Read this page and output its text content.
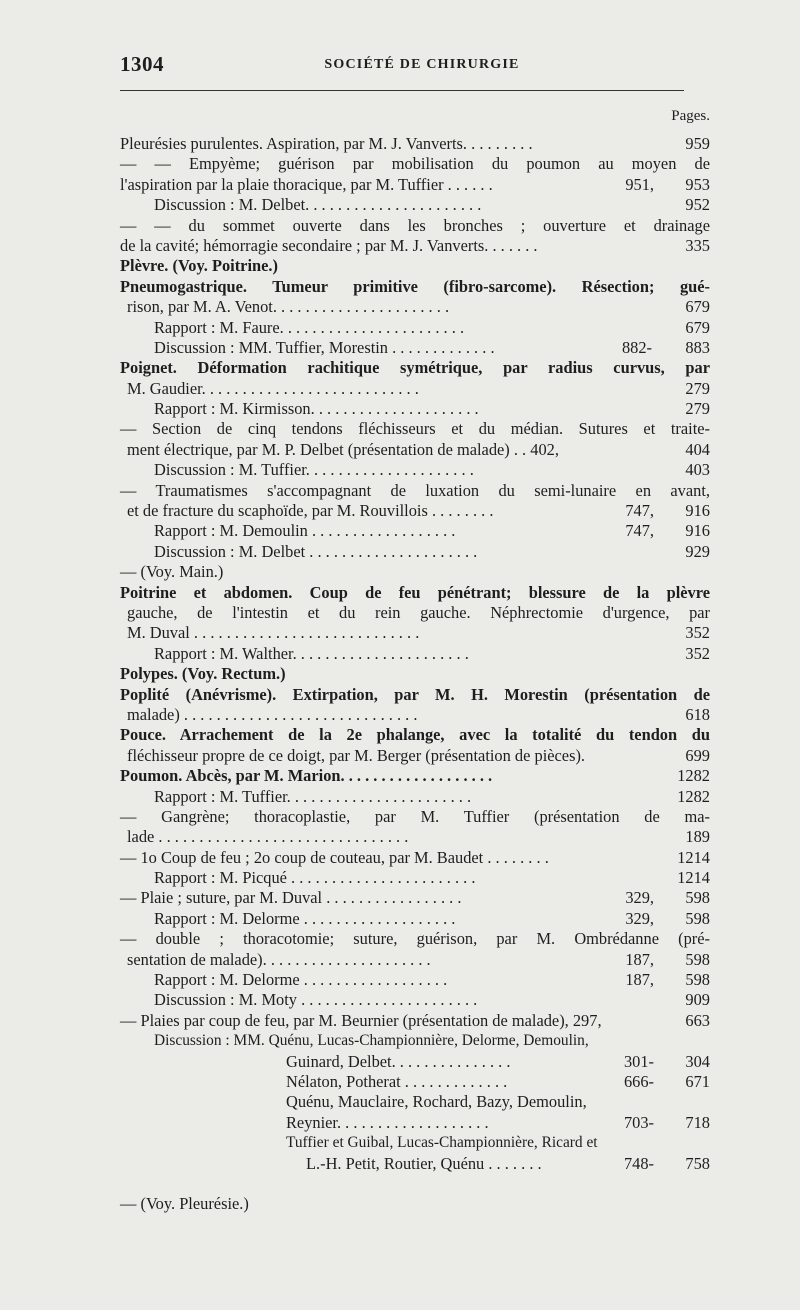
1304	SOCIÉTÉ DE CHIRURGIE
Pages.
Pleurésies purulentes. Aspiration, par M. J. Vanverts. . . . . . . . .	959
— — Empyème; guérison par mobilisation du poumon au moyen de
l'aspiration par la plaie thoracique, par M. Tuffier . . . . . .	951, 953
Discussion : M. Delbet. . . . . . . . . . . . . . . . . . . . . .	952
— — du sommet ouverte dans les bronches ; ouverture et drainage
de la cavité; hémorragie secondaire ; par M. J. Vanverts. . . . . . .	335
Plèvre. (Voy. Poitrine.)
Pneumogastrique. Tumeur primitive (fibro-sarcome). Résection; gué-
rison, par M. A. Venot. . . . . . . . . . . . . . . . . . . . . .	679
Rapport : M. Faure. . . . . . . . . . . . . . . . . . . . . . .	679
Discussion : MM. Tuffier, Morestin . . . . . . . . . . . . .	882- 883
Poignet. Déformation rachitique symétrique, par radius curvus, par
M. Gaudier. . . . . . . . . . . . . . . . . . . . . . . . . . .	279
Rapport : M. Kirmisson. . . . . . . . . . . . . . . . . . . . .	279
— Section de cinq tendons fléchisseurs et du médian. Sutures et traite-
ment électrique, par M. P. Delbet (présentation de malade) . . 402,	404
Discussion : M. Tuffier. . . . . . . . . . . . . . . . . . . . .	403
— Traumatismes s'accompagnant de luxation du semi-lunaire en avant,
et de fracture du scaphoïde, par M. Rouvillois . . . . . . . .	747, 916
Rapport : M. Demoulin . . . . . . . . . . . . . . . . . .	747, 916
Discussion : M. Delbet . . . . . . . . . . . . . . . . . . . . .	929
— (Voy. Main.)
Poitrine et abdomen. Coup de feu pénétrant; blessure de la plèvre
gauche, de l'intestin et du rein gauche. Néphrectomie d'urgence, par
M. Duval . . . . . . . . . . . . . . . . . . . . . . . . . . . .	352
Rapport : M. Walther. . . . . . . . . . . . . . . . . . . . . .	352
Polypes. (Voy. Rectum.)
Poplité (Anévrisme). Extirpation, par M. H. Morestin (présentation de
malade) . . . . . . . . . . . . . . . . . . . . . . . . . . . . .	618
Pouce. Arrachement de la 2e phalange, avec la totalité du tendon du
fléchisseur propre de ce doigt, par M. Berger (présentation de pièces).	699
Poumon. Abcès, par M. Marion. . . . . . . . . . . . . . . . . . .	1282
Rapport : M. Tuffier. . . . . . . . . . . . . . . . . . . . . . .	1282
— Gangrène; thoracoplastie, par M. Tuffier (présentation de ma-
lade . . . . . . . . . . . . . . . . . . . . . . . . . . . . . . .	189
— 1o Coup de feu ; 2o coup de couteau, par M. Baudet . . . . . . . .	1214
Rapport : M. Picqué . . . . . . . . . . . . . . . . . . . . . . .	1214
— Plaie ; suture, par M. Duval . . . . . . . . . . . . . . . . .	329, 598
Rapport : M. Delorme . . . . . . . . . . . . . . . . . . .	329, 598
— double ; thoracotomie; suture, guérison, par M. Ombrédanne (pré-
sentation de malade). . . . . . . . . . . . . . . . . . . . .	187, 598
Rapport : M. Delorme . . . . . . . . . . . . . . . . . .	187, 598
Discussion : M. Moty . . . . . . . . . . . . . . . . . . . . . .	909
— Plaies par coup de feu, par M. Beurnier (présentation de malade), 297,	663
Discussion : MM. Quénu, Lucas-Championnière, Delorme, Demoulin,
Guinard, Delbet. . . . . . . . . . . . . . .	301- 304
Nélaton, Potherat . . . . . . . . . . . . .	666- 671
Quénu, Mauclaire, Rochard, Bazy, Demoulin,
Reynier. . . . . . . . . . . . . . . . . . .	703- 718
Tuffier et Guibal, Lucas-Championnière, Ricard et
L.-H. Petit, Routier, Quénu . . . . . . .	748- 758
— (Voy. Pleurésie.)
